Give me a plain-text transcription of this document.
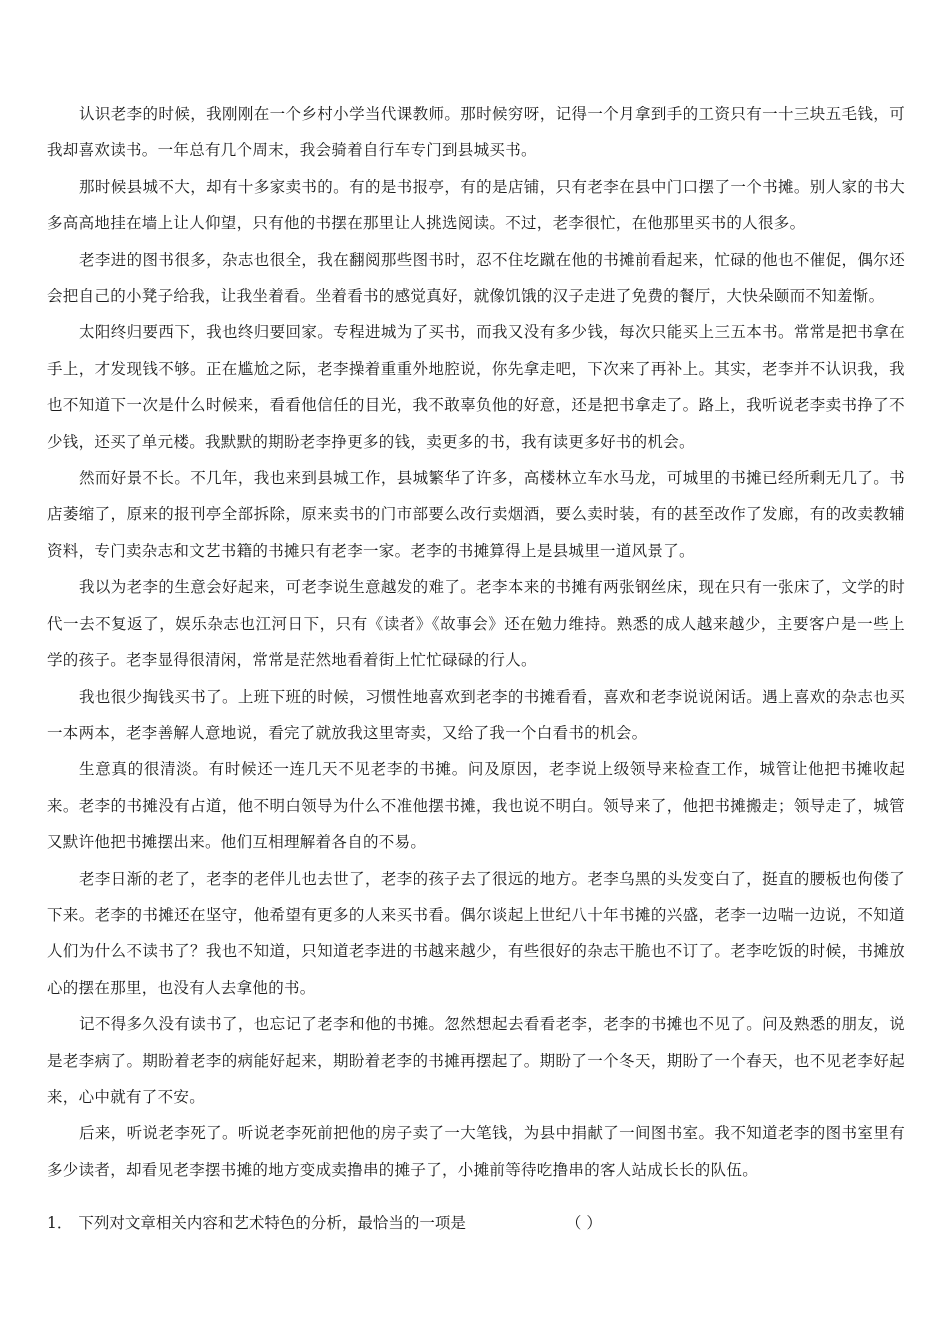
认识老李的时候，我刚刚在一个乡村小学当代课教师。那时候穷呀，记得一个月拿到手的工资只有一十三块五毛钱，可我却喜欢读书。一年总有几个周末，我会骑着自行车专门到县城买书。

那时候县城不大，却有十多家卖书的。有的是书报亭，有的是店铺，只有老李在县中门口摆了一个书摊。别人家的书大多高高地挂在墙上让人仰望，只有他的书摆在那里让人挑选阅读。不过，老李很忙，在他那里买书的人很多。

老李进的图书很多，杂志也很全，我在翻阅那些图书时，忍不住圪蹴在他的书摊前看起来，忙碌的他也不催促，偶尔还会把自己的小凳子给我，让我坐着看。坐着看书的感觉真好，就像饥饿的汉子走进了免费的餐厅，大快朵颐而不知羞惭。

太阳终归要西下，我也终归要回家。专程进城为了买书，而我又没有多少钱，每次只能买上三五本书。常常是把书拿在手上，才发现钱不够。正在尴尬之际，老李操着重重外地腔说，你先拿走吧，下次来了再补上。其实，老李并不认识我，我也不知道下一次是什么时候来，看看他信任的目光，我不敢辜负他的好意，还是把书拿走了。路上，我听说老李卖书挣了不少钱，还买了单元楼。我默默的期盼老李挣更多的钱，卖更多的书，我有读更多好书的机会。

然而好景不长。不几年，我也来到县城工作，县城繁华了许多，高楼林立车水马龙，可城里的书摊已经所剩无几了。书店萎缩了，原来的报刊亭全部拆除，原来卖书的门市部要么改行卖烟酒，要么卖时装，有的甚至改作了发廊，有的改卖教辅资料，专门卖杂志和文艺书籍的书摊只有老李一家。老李的书摊算得上是县城里一道风景了。

我以为老李的生意会好起来，可老李说生意越发的难了。老李本来的书摊有两张钢丝床，现在只有一张床了，文学的时代一去不复返了，娱乐杂志也江河日下，只有《读者》《故事会》还在勉力维持。熟悉的成人越来越少，主要客户是一些上学的孩子。老李显得很清闲，常常是茫然地看着街上忙忙碌碌的行人。

我也很少掏钱买书了。上班下班的时候，习惯性地喜欢到老李的书摊看看，喜欢和老李说说闲话。遇上喜欢的杂志也买一本两本，老李善解人意地说，看完了就放我这里寄卖，又给了我一个白看书的机会。

生意真的很清淡。有时候还一连几天不见老李的书摊。问及原因，老李说上级领导来检查工作，城管让他把书摊收起来。老李的书摊没有占道，他不明白领导为什么不准他摆书摊，我也说不明白。领导来了，他把书摊搬走；领导走了，城管又默许他把书摊摆出来。他们互相理解着各自的不易。

老李日渐的老了，老李的老伴儿也去世了，老李的孩子去了很远的地方。老李乌黑的头发变白了，挺直的腰板也佝偻了下来。老李的书摊还在坚守，他希望有更多的人来买书看。偶尔谈起上世纪八十年书摊的兴盛，老李一边喘一边说，不知道人们为什么不读书了？我也不知道，只知道老李进的书越来越少，有些很好的杂志干脆也不订了。老李吃饭的时候，书摊放心的摆在那里，也没有人去拿他的书。

记不得多久没有读书了，也忘记了老李和他的书摊。忽然想起去看看老李，老李的书摊也不见了。问及熟悉的朋友，说是老李病了。期盼着老李的病能好起来，期盼着老李的书摊再摆起了。期盼了一个冬天，期盼了一个春天，也不见老李好起来，心中就有了不安。

后来，听说老李死了。听说老李死前把他的房子卖了一大笔钱，为县中捐献了一间图书室。我不知道老李的图书室里有多少读者，却看见老李摆书摊的地方变成卖撸串的摊子了，小摊前等待吃撸串的客人站成长长的队伍。

1． 下列对文章相关内容和艺术特色的分析，最恰当的一项是	（ ）
